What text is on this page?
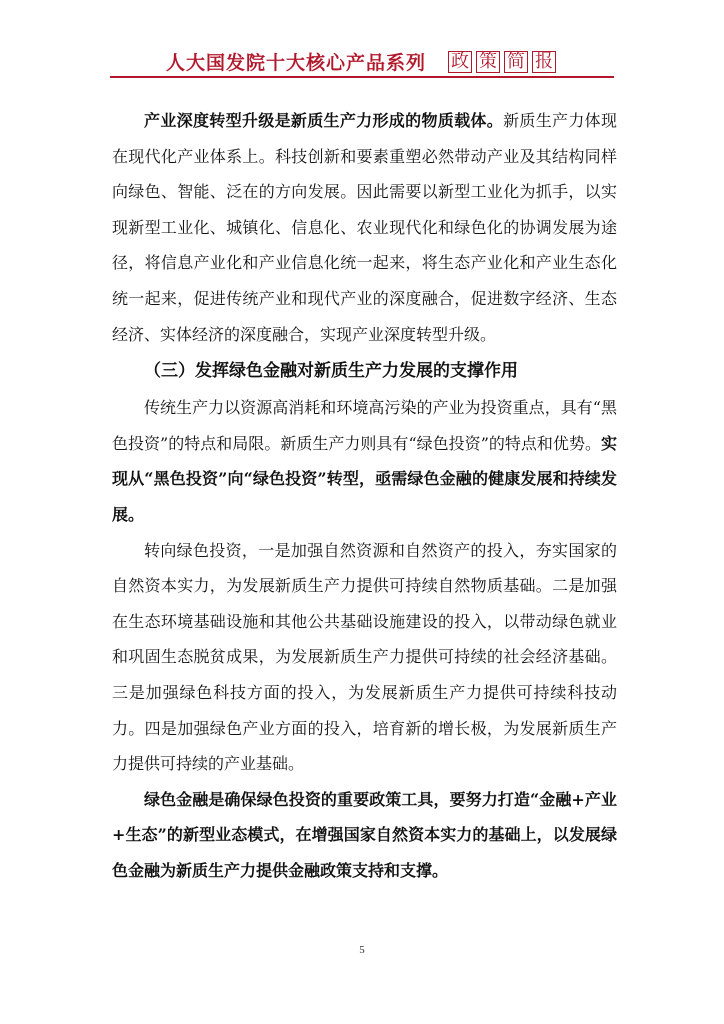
人大国发院十大核心产品系列 政 策 简 报

产业深度转型升级是新质生产力形成的物质载体。新质生产力体现在现代化产业体系上。科技创新和要素重塑必然带动产业及其结构同样向绿色、智能、泛在的方向发展。因此需要以新型工业化为抓手，以实现新型工业化、城镇化、信息化、农业现代化和绿色化的协调发展为途径，将信息产业化和产业信息化统一起来，将生态产业化和产业生态化统一起来，促进传统产业和现代产业的深度融合，促进数字经济、生态经济、实体经济的深度融合，实现产业深度转型升级。

（三）发挥绿色金融对新质生产力发展的支撑作用

传统生产力以资源高消耗和环境高污染的产业为投资重点，具有“黑色投资”的特点和局限。新质生产力则具有“绿色投资”的特点和优势。实现从“黑色投资”向“绿色投资”转型，亟需绿色金融的健康发展和持续发展。

转向绿色投资，一是加强自然资源和自然资产的投入，夯实国家的自然资本实力，为发展新质生产力提供可持续自然物质基础。二是加强在生态环境基础设施和其他公共基础设施建设的投入，以带动绿色就业和巩固生态脱贫成果，为发展新质生产力提供可持续的社会经济基础。三是加强绿色科技方面的投入，为发展新质生产力提供可持续科技动力。四是加强绿色产业方面的投入，培育新的增长极，为发展新质生产力提供可持续的产业基础。

绿色金融是确保绿色投资的重要政策工具，要努力打造“金融+产业+生态”的新型业态模式，在增强国家自然资本实力的基础上，以发展绿色金融为新质生产力提供金融政策支持和支撑。

5
